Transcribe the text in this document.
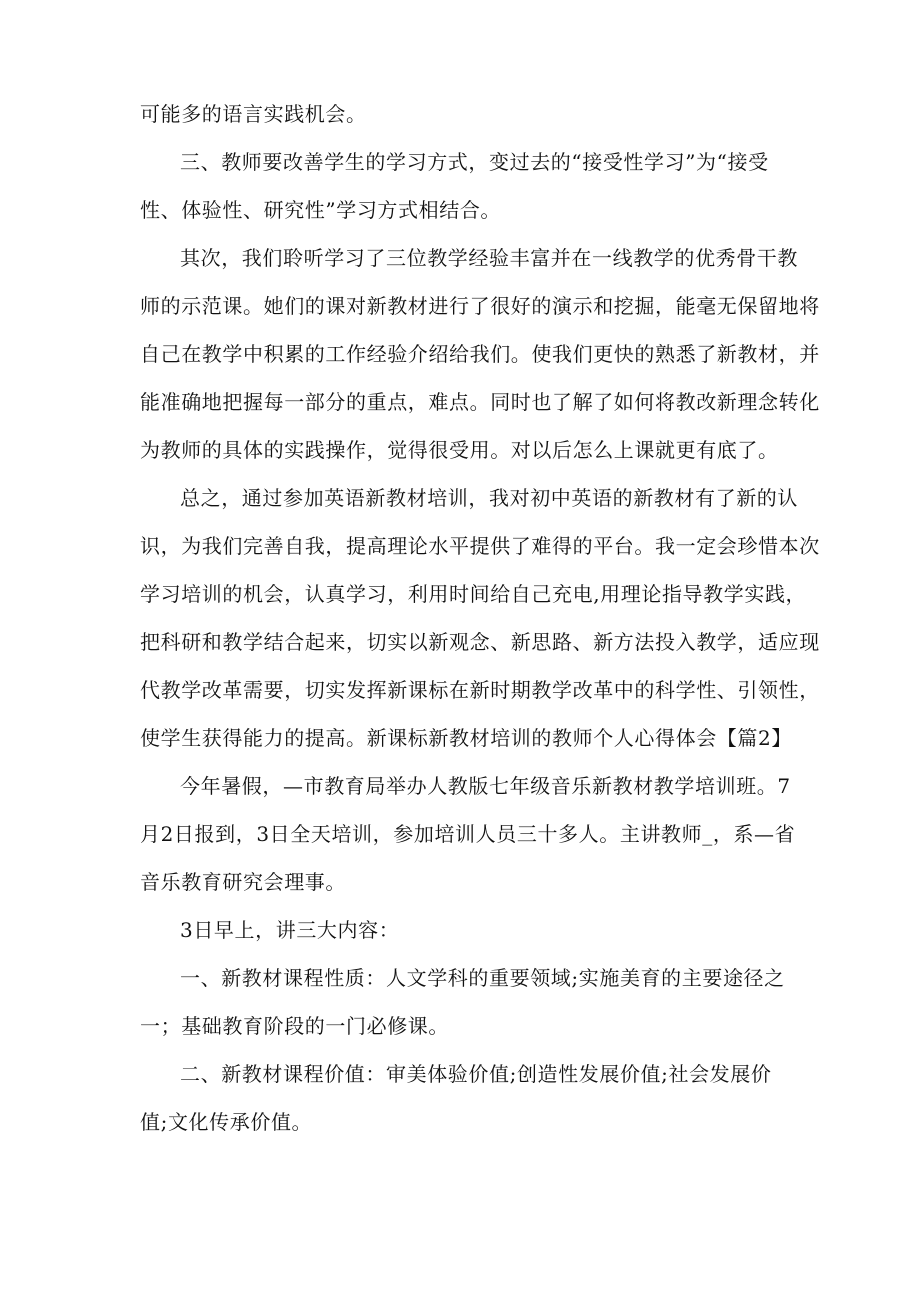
可能多的语言实践机会。

三、教师要改善学生的学习方式，变过去的“接受性学习”为“接受

性、体验性、研究性”学习方式相结合。

其次，我们聆听学习了三位教学经验丰富并在一线教学的优秀骨干教

师的示范课。她们的课对新教材进行了很好的演示和挖掘，能毫无保留地将

自己在教学中积累的工作经验介绍给我们。使我们更快的熟悉了新教材，并

能准确地把握每一部分的重点，难点。同时也了解了如何将教改新理念转化

为教师的具体的实践操作，觉得很受用。对以后怎么上课就更有底了。

总之，通过参加英语新教材培训，我对初中英语的新教材有了新的认

识，为我们完善自我，提高理论水平提供了难得的平台。我一定会珍惜本次

学习培训的机会，认真学习，利用时间给自己充电,用理论指导教学实践，

把科研和教学结合起来，切实以新观念、新思路、新方法投入教学，适应现

代教学改革需要，切实发挥新课标在新时期教学改革中的科学性、引领性，

使学生获得能力的提高。新课标新教材培训的教师个人心得体会【篇2】

今年暑假，—市教育局举办人教版七年级音乐新教材教学培训班。7

月2日报到，3日全天培训，参加培训人员三十多人。主讲教师_，系—省

音乐教育研究会理事。

3日早上，讲三大内容：

一、新教材课程性质：人文学科的重要领域;实施美育的主要途径之

一；基础教育阶段的一门必修课。

二、新教材课程价值：审美体验价值;创造性发展价值;社会发展价

值;文化传承价值。
